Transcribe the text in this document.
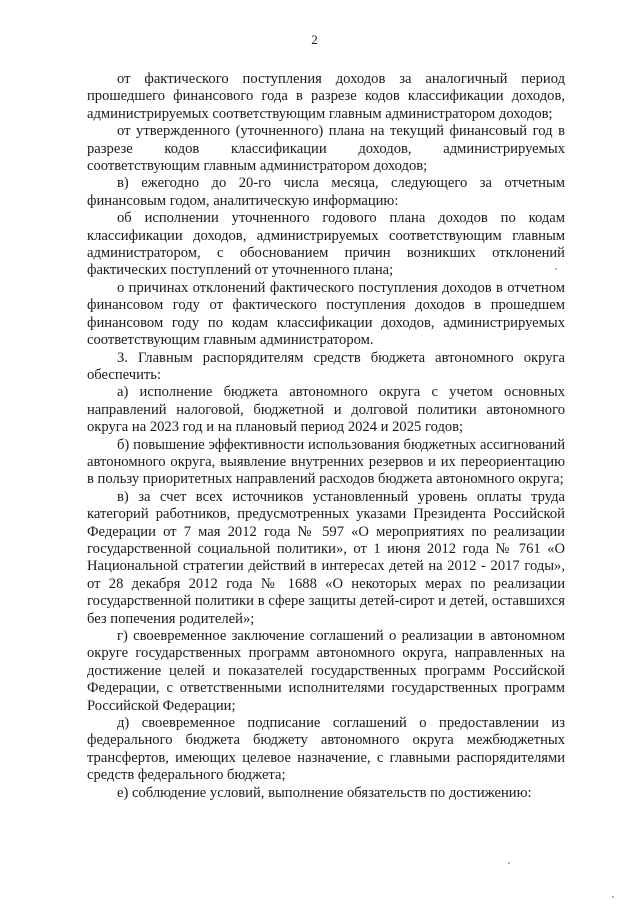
2

от фактического поступления доходов за аналогичный период прошедшего финансового года в разрезе кодов классификации доходов, администрируемых соответствующим главным администратором доходов;

от утвержденного (уточненного) плана на текущий финансовый год в разрезе кодов классификации доходов, администрируемых соответствующим главным администратором доходов;

в) ежегодно до 20-го числа месяца, следующего за отчетным финансовым годом, аналитическую информацию:

об исполнении уточненного годового плана доходов по кодам классификации доходов, администрируемых соответствующим главным администратором, с обоснованием причин возникших отклонений фактических поступлений от уточненного плана;

о причинах отклонений фактического поступления доходов в отчетном финансовом году от фактического поступления доходов в прошедшем финансовом году по кодам классификации доходов, администрируемых соответствующим главным администратором.

3. Главным распорядителям средств бюджета автономного округа обеспечить:

а) исполнение бюджета автономного округа с учетом основных направлений налоговой, бюджетной и долговой политики автономного округа на 2023 год и на плановый период 2024 и 2025 годов;

б) повышение эффективности использования бюджетных ассигнований автономного округа, выявление внутренних резервов и их переориентацию в пользу приоритетных направлений расходов бюджета автономного округа;

в) за счет всех источников установленный уровень оплаты труда категорий работников, предусмотренных указами Президента Российской Федерации от 7 мая 2012 года № 597 «О мероприятиях по реализации государственной социальной политики», от 1 июня 2012 года № 761 «О Национальной стратегии действий в интересах детей на 2012 - 2017 годы», от 28 декабря 2012 года № 1688 «О некоторых мерах по реализации государственной политики в сфере защиты детей-сирот и детей, оставшихся без попечения родителей»;

г) своевременное заключение соглашений о реализации в автономном округе государственных программ автономного округа, направленных на достижение целей и показателей государственных программ Российской Федерации, с ответственными исполнителями государственных программ Российской Федерации;

д) своевременное подписание соглашений о предоставлении из федерального бюджета бюджету автономного округа межбюджетных трансфертов, имеющих целевое назначение, с главными распорядителями средств федерального бюджета;

е) соблюдение условий, выполнение обязательств по достижению:
